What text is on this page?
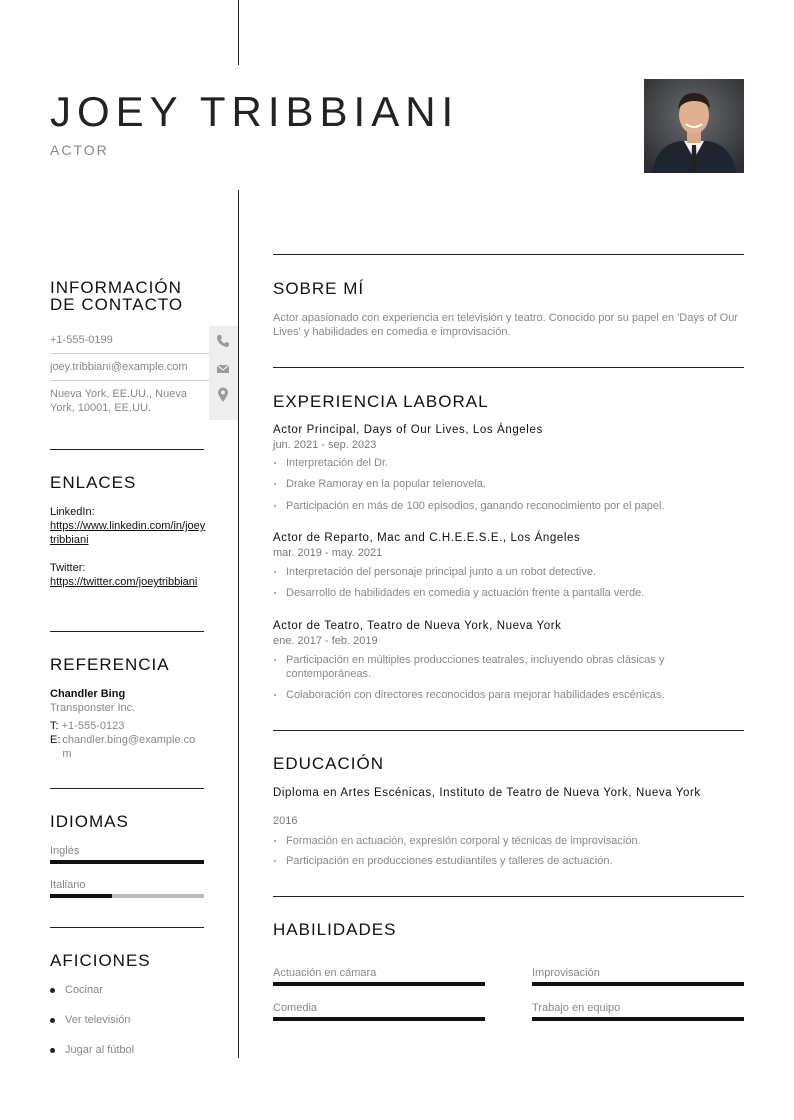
JOEY TRIBBIANI
ACTOR
INFORMACIÓN
DE CONTACTO
+1-555-0199
joey.tribbiani@example.com
Nueva York, EE.UU., Nueva York, 10001, EE.UU.
ENLACES
LinkedIn:
https://www.linkedin.com/in/joeytribbiani
Twitter:
https://twitter.com/joeytribbiani
REFERENCIA
Chandler Bing
Transponster Inc.
T: +1-555-0123
E: chandler.bing@example.com
IDIOMAS
Inglés
Italiano
AFICIONES
Cocinar
Ver televisión
Jugar al fútbol
SOBRE MÍ
Actor apasionado con experiencia en televisión y teatro. Conocido por su papel en 'Days of Our Lives' y habilidades en comedia e improvisación.
EXPERIENCIA LABORAL
Actor Principal, Days of Our Lives, Los Ángeles
jun. 2021 - sep. 2023
Interpretación del Dr.
Drake Ramoray en la popular telenovela.
Participación en más de 100 episodios, ganando reconocimiento por el papel.
Actor de Reparto, Mac and C.H.E.E.S.E., Los Ángeles
mar. 2019 - may. 2021
Interpretación del personaje principal junto a un robot detective.
Desarrollo de habilidades en comedia y actuación frente a pantalla verde.
Actor de Teatro, Teatro de Nueva York, Nueva York
ene. 2017 - feb. 2019
Participación en múltiples producciones teatrales, incluyendo obras clásicas y contemporáneas.
Colaboración con directores reconocidos para mejorar habilidades escénicas.
EDUCACIÓN
Diploma en Artes Escénicas, Instituto de Teatro de Nueva York, Nueva York
2016
Formación en actuación, expresión corporal y técnicas de improvisación.
Participación en producciones estudiantiles y talleres de actuación.
HABILIDADES
Actuación en cámara	Improvisación
Comedia	Trabajo en equipo
